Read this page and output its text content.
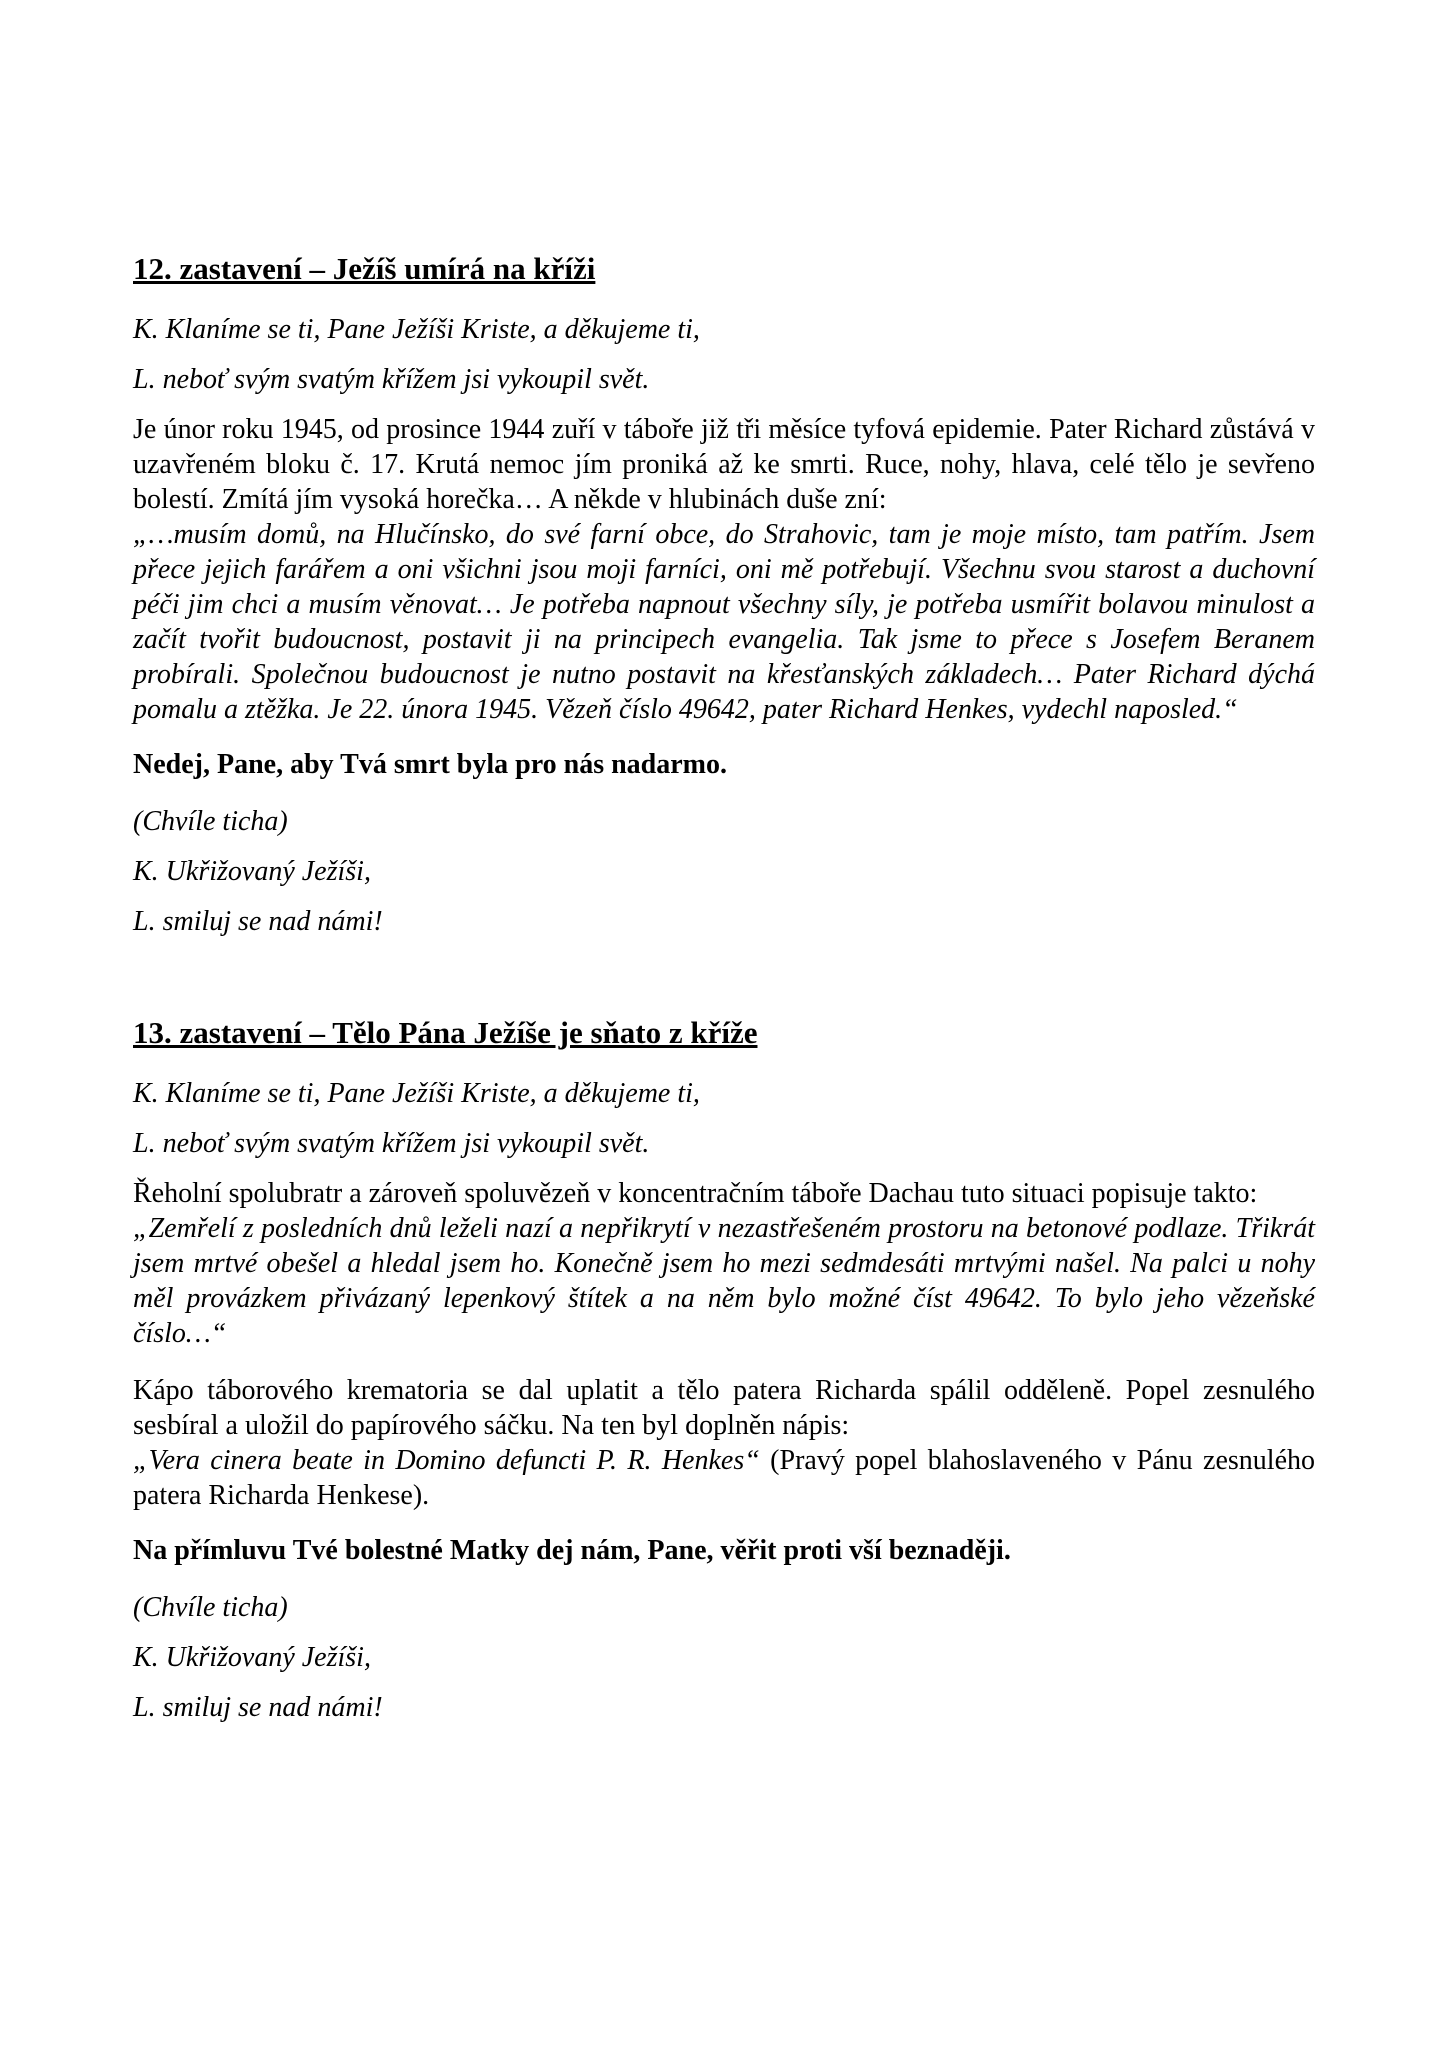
12. zastavení – Ježíš umírá na kříži

K. Klaníme se ti, Pane Ježíši Kriste, a děkujeme ti,

L. neboť svým svatým křížem jsi vykoupil svět.

Je únor roku 1945, od prosince 1944 zuří v táboře již tři měsíce tyfová epidemie. Pater Richard zůstává v uzavřeném bloku č. 17. Krutá nemoc jím proniká až ke smrti. Ruce, nohy, hlava, celé tělo je sevřeno bolestí. Zmítá jím vysoká horečka… A někde v hlubinách duše zní:

„…musím domů, na Hlučínsko, do své farní obce, do Strahovic, tam je moje místo, tam patřím. Jsem přece jejich farářem a oni všichni jsou moji farníci, oni mě potřebují. Všechnu svou starost a duchovní péči jim chci a musím věnovat… Je potřeba napnout všechny síly, je potřeba usmířit bolavou minulost a začít tvořit budoucnost, postavit ji na principech evangelia. Tak jsme to přece s Josefem Beranem probírali. Společnou budoucnost je nutno postavit na křesťanských základech… Pater Richard dýchá pomalu a ztěžka. Je 22. února 1945. Vězeň číslo 49642, pater Richard Henkes, vydechl naposled.“

Nedej, Pane, aby Tvá smrt byla pro nás nadarmo.

(Chvíle ticha)

K. Ukřižovaný Ježíši,

L. smiluj se nad námi!

13. zastavení – Tělo Pána Ježíše je sňato z kříže

K. Klaníme se ti, Pane Ježíši Kriste, a děkujeme ti,

L. neboť svým svatým křížem jsi vykoupil svět.

Řeholní spolubratr a zároveň spoluvězeň v koncentračním táboře Dachau tuto situaci popisuje takto:

„Zemřelí z posledních dnů leželi nazí a nepřikrytí v nezastřešeném prostoru na betonové podlaze. Třikrát jsem mrtvé obešel a hledal jsem ho. Konečně jsem ho mezi sedmdesáti mrtvými našel. Na palci u nohy měl provázkem přivázaný lepenkový štítek a na něm bylo možné číst 49642. To bylo jeho vězeňské číslo…“

Kápo táborového krematoria se dal uplatit a tělo patera Richarda spálil odděleně. Popel zesnulého sesbíral a uložil do papírového sáčku. Na ten byl doplněn nápis:

„Vera cinera beate in Domino defuncti P. R. Henkes“ (Pravý popel blahoslaveného v Pánu zesnulého patera Richarda Henkese).

Na přímluvu Tvé bolestné Matky dej nám, Pane, věřit proti vší beznaději.

(Chvíle ticha)

K. Ukřižovaný Ježíši,

L. smiluj se nad námi!
